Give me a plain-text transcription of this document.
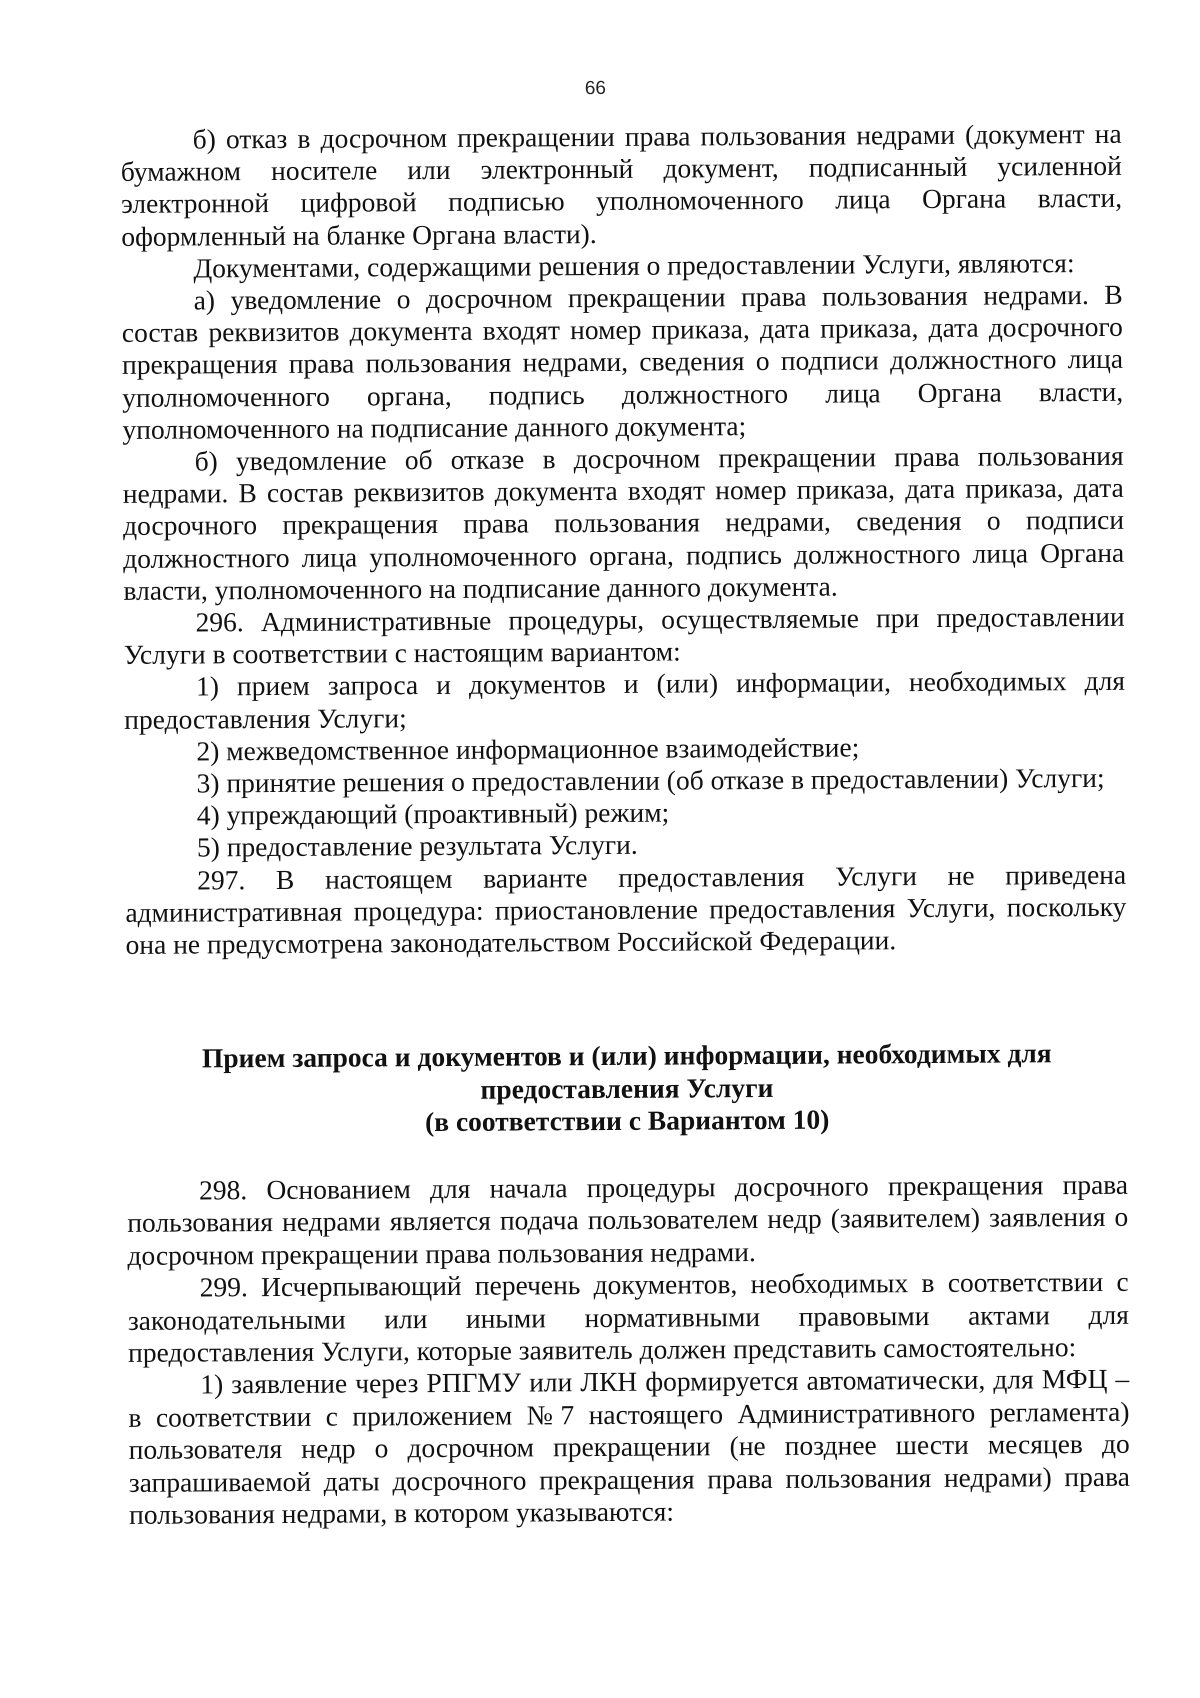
66

б) отказ в досрочном прекращении права пользования недрами (документ на бумажном носителе или электронный документ, подписанный усиленной электронной цифровой подписью уполномоченного лица Органа власти, оформленный на бланке Органа власти).

Документами, содержащими решения о предоставлении Услуги, являются:

а) уведомление о досрочном прекращении права пользования недрами. В состав реквизитов документа входят номер приказа, дата приказа, дата досрочного прекращения права пользования недрами, сведения о подписи должностного лица уполномоченного органа, подпись должностного лица Органа власти, уполномоченного на подписание данного документа;

б) уведомление об отказе в досрочном прекращении права пользования недрами. В состав реквизитов документа входят номер приказа, дата приказа, дата досрочного прекращения права пользования недрами, сведения о подписи должностного лица уполномоченного органа, подпись должностного лица Органа власти, уполномоченного на подписание данного документа.

296. Административные процедуры, осуществляемые при предоставлении Услуги в соответствии с настоящим вариантом:

1) прием запроса и документов и (или) информации, необходимых для предоставления Услуги;

2) межведомственное информационное взаимодействие;

3) принятие решения о предоставлении (об отказе в предоставлении) Услуги;

4) упреждающий (проактивный) режим;

5) предоставление результата Услуги.

297. В настоящем варианте предоставления Услуги не приведена административная процедура: приостановление предоставления Услуги, поскольку она не предусмотрена законодательством Российской Федерации.

Прием запроса и документов и (или) информации, необходимых для
предоставления Услуги
(в соответствии с Вариантом 10)

298. Основанием для начала процедуры досрочного прекращения права пользования недрами является подача пользователем недр (заявителем) заявления о досрочном прекращении права пользования недрами.

299. Исчерпывающий перечень документов, необходимых в соответствии с законодательными или иными нормативными правовыми актами для предоставления Услуги, которые заявитель должен представить самостоятельно:

1) заявление через РПГМУ или ЛКН формируется автоматически, для МФЦ – в соответствии с приложением №7 настоящего Административного регламента) пользователя недр о досрочном прекращении (не позднее шести месяцев до запрашиваемой даты досрочного прекращения права пользования недрами) права пользования недрами, в котором указываются:
